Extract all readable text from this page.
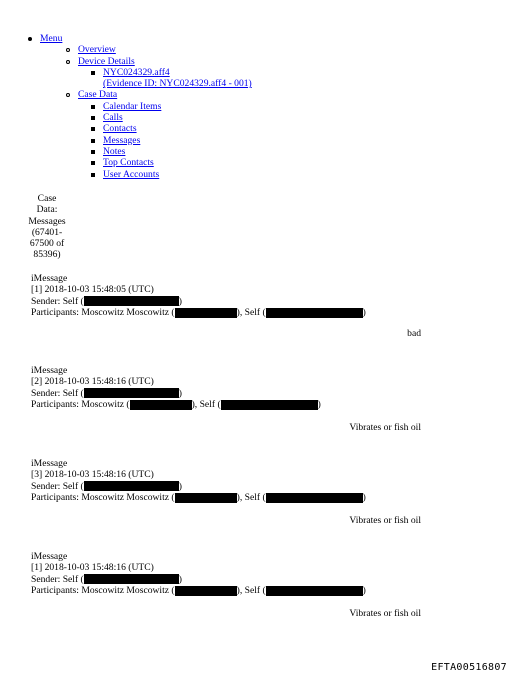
Menu
Overview
Device Details
NYC024329.aff4
(Evidence ID: NYC024329.aff4 - 001)
Case Data
Calendar Items
Calls
Contacts
Messages
Notes
Top Contacts
User Accounts
Case
Data:
Messages
(67401-
67500 of
85396)
iMessage
[1] 2018-10-03 15:48:05 (UTC)
Sender: Self (	)
Participants: Moscowitz Moscowitz (	), Self (	)
bad
iMessage
[2] 2018-10-03 15:48:16 (UTC)
Sender: Self (	)
Participants: Moscowitz (	), Self (	)
Vibrates or fish oil
iMessage
[3] 2018-10-03 15:48:16 (UTC)
Sender: Self (	)
Participants: Moscowitz Moscowitz (	), Self (	)
Vibrates or fish oil
iMessage
[1] 2018-10-03 15:48:16 (UTC)
Sender: Self (	)
Participants: Moscowitz Moscowitz (	), Self (	)
Vibrates or fish oil
EFTA00516807
